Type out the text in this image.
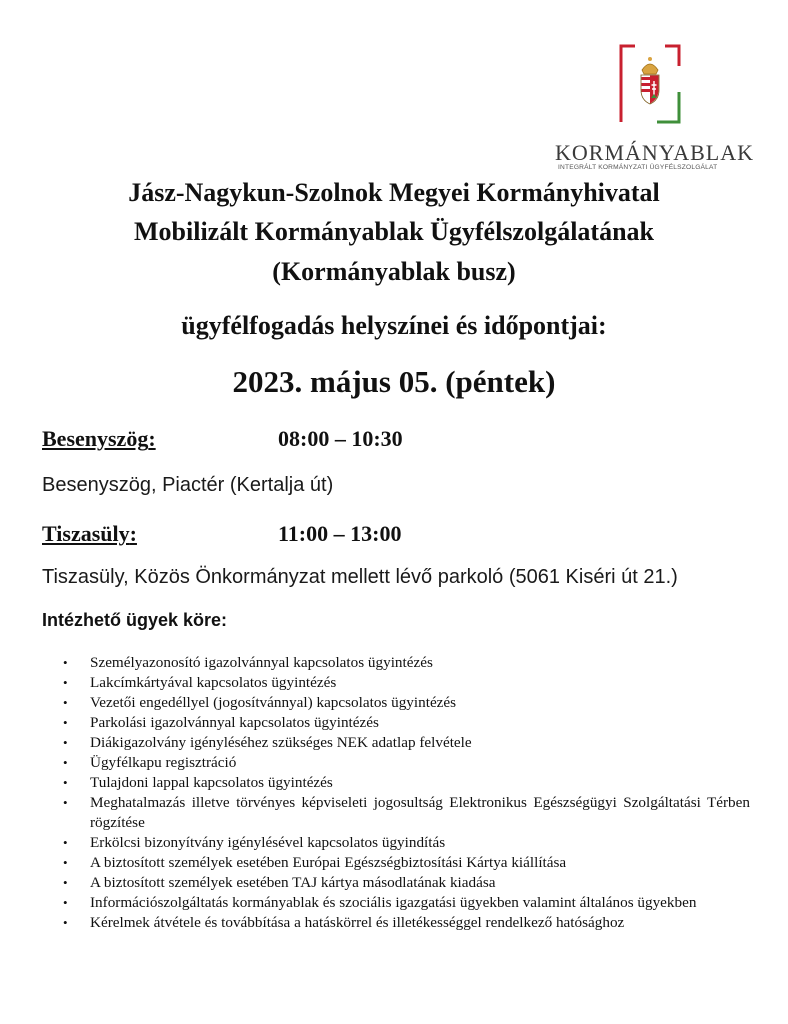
KORMÁNYABLAK
INTEGRÁLT KORMÁNYZATI ÜGYFÉLSZOLGÁLAT
Jász-Nagykun-Szolnok Megyei Kormányhivatal
Mobilizált Kormányablak Ügyfélszolgálatának
(Kormányablak busz)
ügyfélfogadás helyszínei és időpontjai:
2023. május 05. (péntek)
Besenyszög:	08:00 – 10:30
Besenyszög, Piactér (Kertalja út)
Tiszasüly:	11:00 – 13:00
Tiszasüly, Közös Önkormányzat mellett lévő parkoló (5061 Kiséri út 21.)
Intézhető ügyek köre:
• Személyazonosító igazolvánnyal kapcsolatos ügyintézés
• Lakcímkártyával kapcsolatos ügyintézés
• Vezetői engedéllyel (jogosítvánnyal) kapcsolatos ügyintézés
• Parkolási igazolvánnyal kapcsolatos ügyintézés
• Diákigazolvány igényléséhez szükséges NEK adatlap felvétele
• Ügyfélkapu regisztráció
• Tulajdoni lappal kapcsolatos ügyintézés
• Meghatalmazás illetve törvényes képviseleti jogosultság Elektronikus Egészségügyi Szolgáltatási Térben rögzítése
• Erkölcsi bizonyítvány igénylésével kapcsolatos ügyindítás
• A biztosított személyek esetében Európai Egészségbiztosítási Kártya kiállítása
• A biztosított személyek esetében TAJ kártya másodlatának kiadása
• Információszolgáltatás kormányablak és szociális igazgatási ügyekben valamint általános ügyekben
• Kérelmek átvétele és továbbítása a hatáskörrel és illetékességgel rendelkező hatósághoz
